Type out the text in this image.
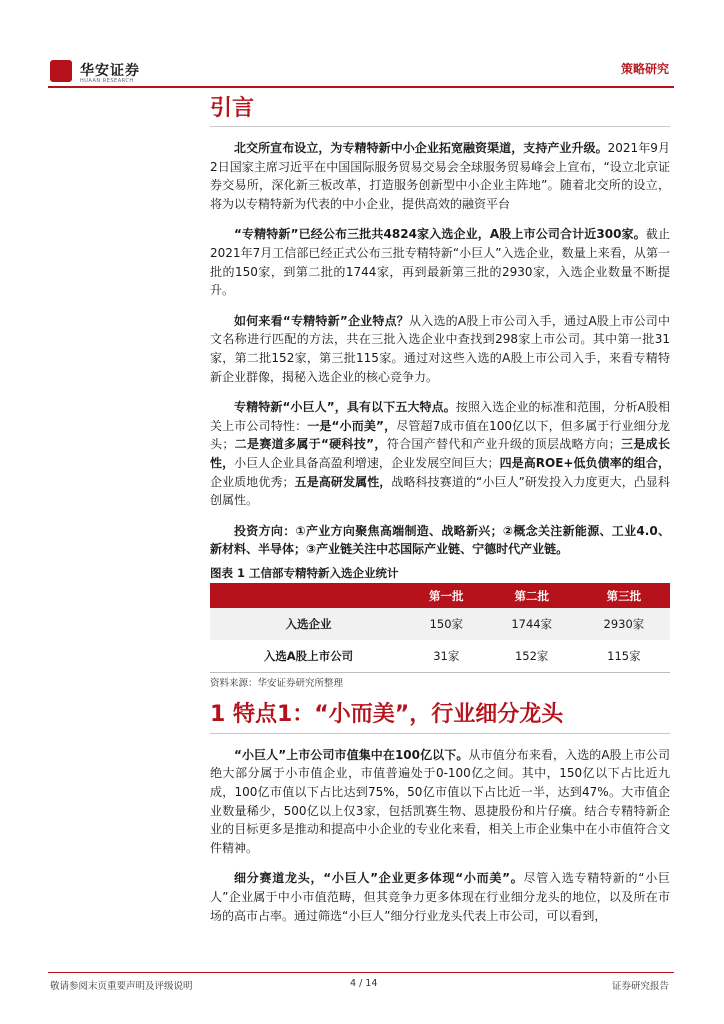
华安证券
HUAAN RESEARCH
策略研究
引言

北交所宣布设立，为专精特新中小企业拓宽融资渠道，支持产业升级。2021年9月2日国家主席习近平在中国国际服务贸易交易会全球服务贸易峰会上宣布，“设立北京证券交易所，深化新三板改革，打造服务创新型中小企业主阵地”。随着北交所的设立，将为以专精特新为代表的中小企业，提供高效的融资平台

“专精特新”已经公布三批共4824家入选企业，A股上市公司合计近300家。截止2021年7月工信部已经正式公布三批专精特新“小巨人”入选企业，数量上来看，从第一批的150家，到第二批的1744家，再到最新第三批的2930家，入选企业数量不断提升。

如何来看“专精特新”企业特点？从入选的A股上市公司入手，通过A股上市公司中文名称进行匹配的方法，共在三批入选企业中查找到298家上市公司。其中第一批31家，第二批152家，第三批115家。通过对这些入选的A股上市公司入手，来看专精特新企业群像，揭秘入选企业的核心竞争力。

专精特新“小巨人”，具有以下五大特点。按照入选企业的标准和范围，分析A股相关上市公司特性：一是“小而美”，尽管超7成市值在100亿以下，但多属于行业细分龙头；二是赛道多属于“硬科技”，符合国产替代和产业升级的顶层战略方向；三是成长性，小巨人企业具备高盈利增速，企业发展空间巨大；四是高ROE+低负债率的组合，企业质地优秀；五是高研发属性，战略科技赛道的“小巨人”研发投入力度更大，凸显科创属性。

投资方向：①产业方向聚焦高端制造、战略新兴；②概念关注新能源、工业4.0、新材料、半导体；③产业链关注中芯国际产业链、宁德时代产业链。

图表 1 工信部专精特新入选企业统计
	第一批	第二批	第三批
入选企业	150家	1744家	2930家
入选A股上市公司	31家	152家	115家
资料来源：华安证券研究所整理
1 特点1：“小而美”，行业细分龙头

“小巨人”上市公司市值集中在100亿以下。从市值分布来看，入选的A股上市公司绝大部分属于小市值企业，市值普遍处于0-100亿之间。其中，150亿以下占比近九成，100亿市值以下占比达到75%，50亿市值以下占比近一半，达到47%。大市值企业数量稀少，500亿以上仅3家，包括凯赛生物、恩捷股份和片仔癀。结合专精特新企业的目标更多是推动和提高中小企业的专业化来看，相关上市企业集中在小市值符合文件精神。

细分赛道龙头，“小巨人”企业更多体现“小而美”。尽管入选专精特新的“小巨人”企业属于中小市值范畴，但其竞争力更多体现在行业细分龙头的地位，以及所在市场的高市占率。通过筛选“小巨人”细分行业龙头代表上市公司，可以看到，

敬请参阅末页重要声明及评级说明	4 / 14	证券研究报告
